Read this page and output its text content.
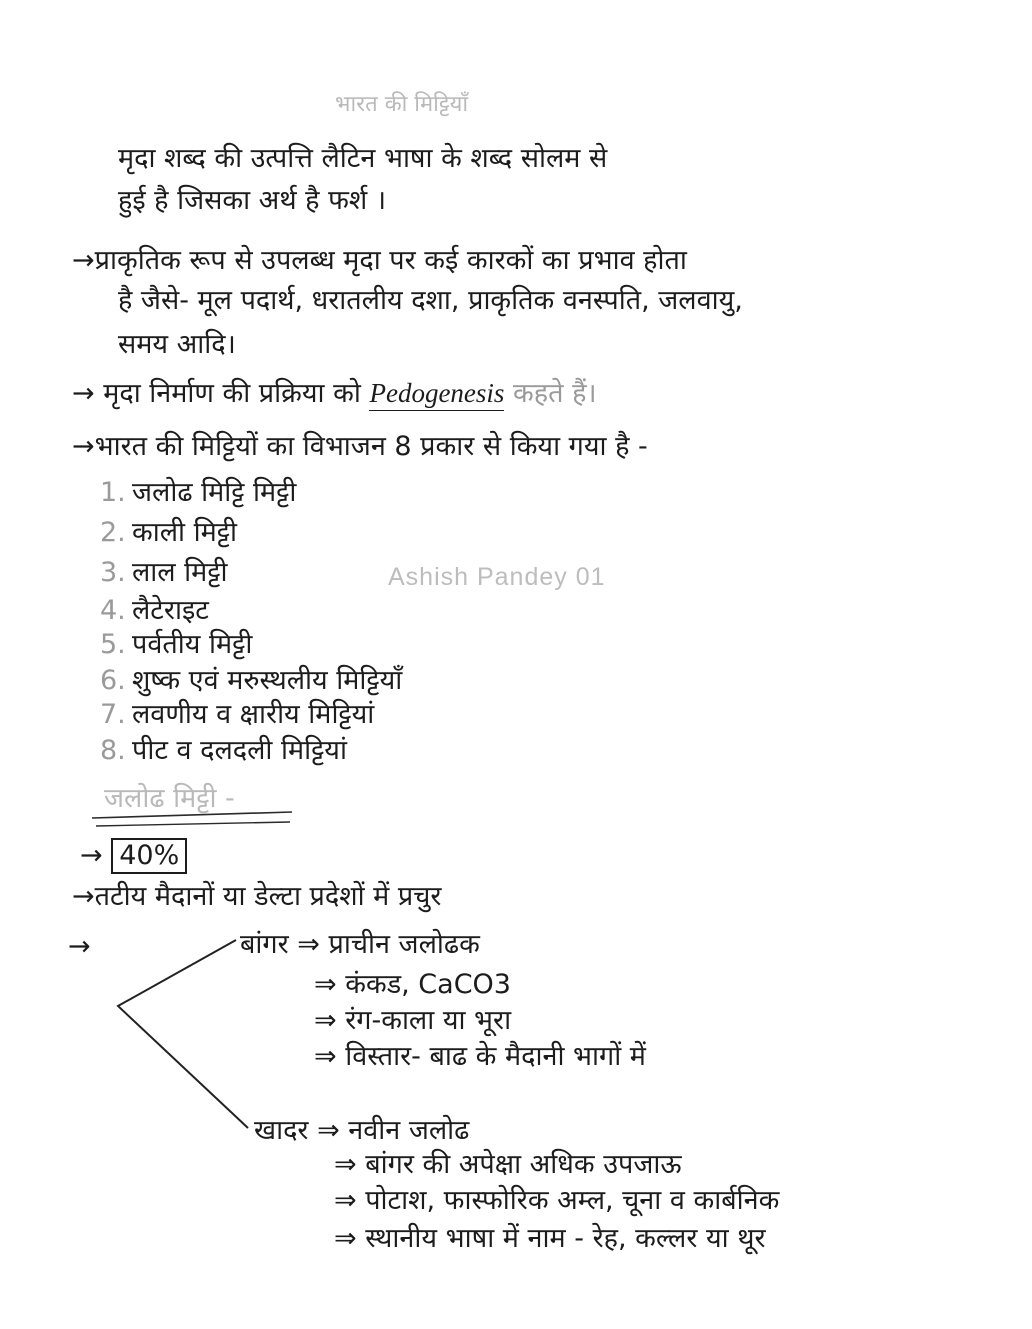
भारत की मिट्टियाँ
मृदा शब्द की उत्पत्ति लैटिन भाषा के शब्द सोलम से
हुई है जिसका अर्थ है फर्श ।
→प्राकृतिक रूप से उपलब्ध मृदा पर कई कारकों का प्रभाव होता
है जैसे- मूल पदार्थ, धरातलीय दशा, प्राकृतिक वनस्पति, जलवायु,
समय आदि।
→ मृदा निर्माण की प्रक्रिया को Pedogenesis कहते हैं।
→भारत की मिट्टियों का विभाजन 8 प्रकार से किया गया है -
1. जलोढ मिट्टि मिट्टी
2. काली मिट्टी
3. लाल मिट्टी	Ashish Pandey 01
4. लैटेराइट
5. पर्वतीय मिट्टी
6. शुष्क एवं मरुस्थलीय मिट्टियाँ
7. लवणीय व क्षारीय मिट्टियां
8. पीट व दलदली मिट्टियां
जलोढ मिट्टी -
→ 40%
→तटीय मैदानों या डेल्टा प्रदेशों में प्रचुर
→	बांगर ⇒ प्राचीन जलोढक
⇒ कंकड, CaCO3
⇒ रंग-काला या भूरा
⇒ विस्तार- बाढ के मैदानी भागों में
खादर ⇒ नवीन जलोढ
⇒ बांगर की अपेक्षा अधिक उपजाऊ
⇒ पोटाश, फास्फोरिक अम्ल, चूना व कार्बनिक
⇒ स्थानीय भाषा में नाम - रेह, कल्लर या थूर
